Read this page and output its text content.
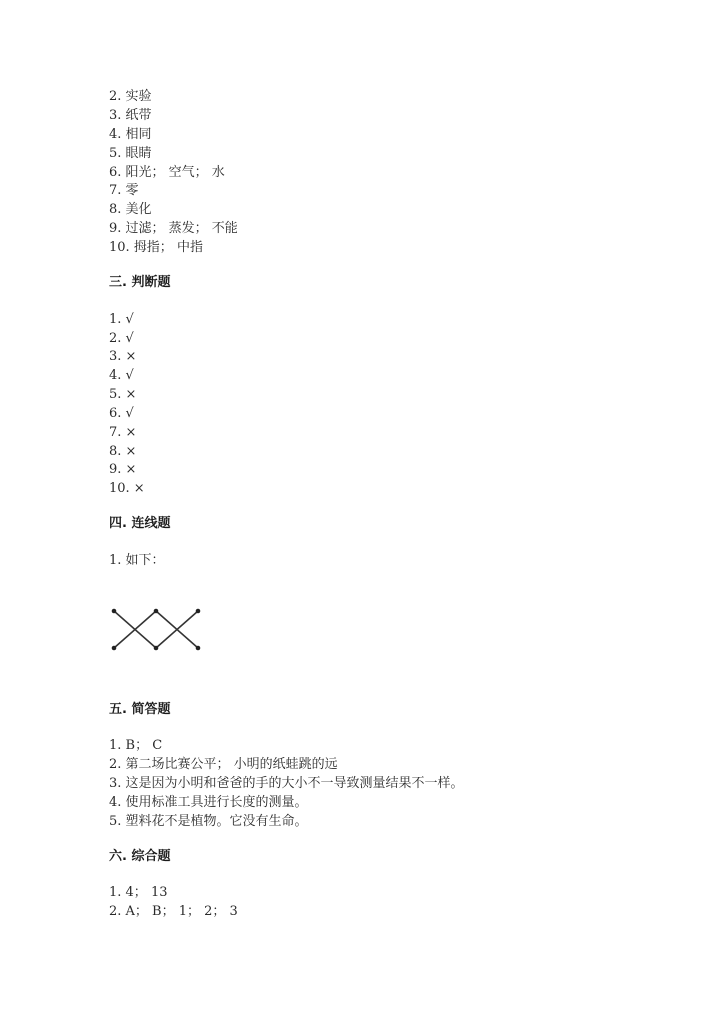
2. 实验
3. 纸带
4. 相同
5. 眼睛
6. 阳光； 空气； 水
7. 零
8. 美化
9. 过滤； 蒸发； 不能
10. 拇指； 中指
三. 判断题
1. √
2. √
3. ×
4. √
5. ×
6. √
7. ×
8. ×
9. ×
10. ×
四. 连线题
1. 如下：
五. 简答题
1. B； C
2. 第二场比赛公平； 小明的纸蛙跳的远
3. 这是因为小明和爸爸的手的大小不一导致测量结果不一样。
4. 使用标准工具进行长度的测量。
5. 塑料花不是植物。它没有生命。
六. 综合题
1. 4； 13
2. A； B； 1； 2； 3
